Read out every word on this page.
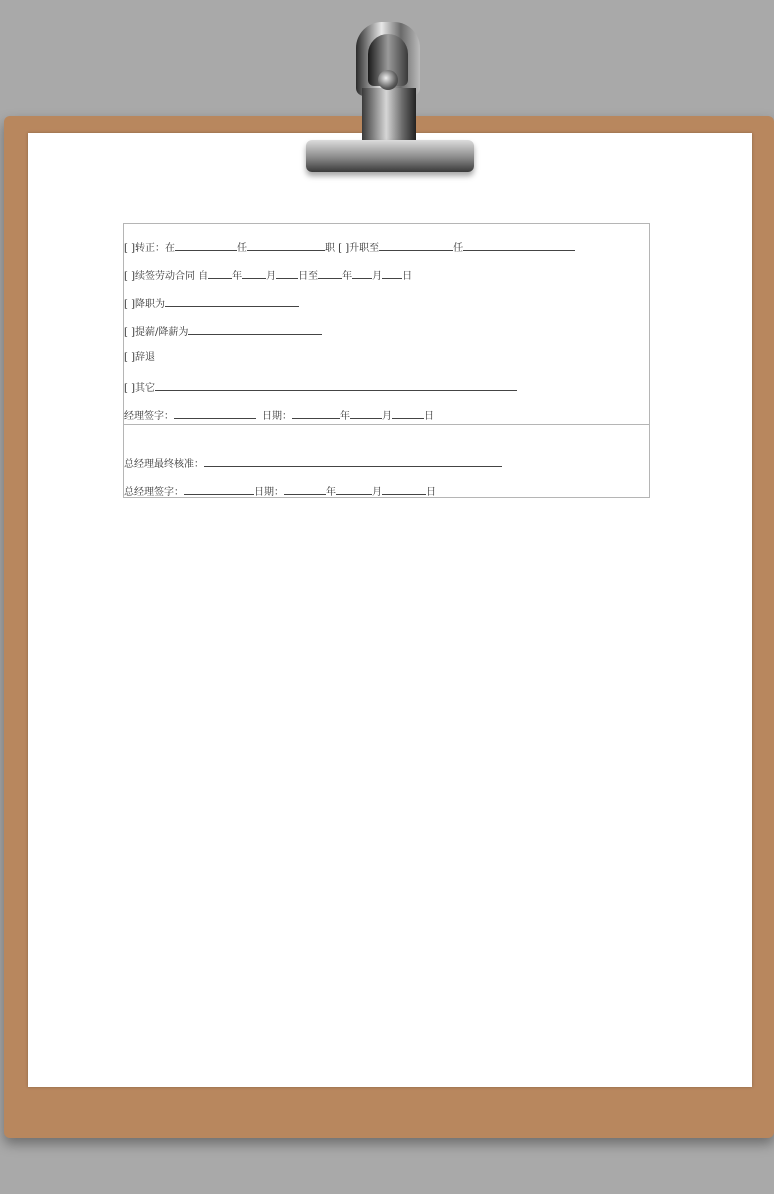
[ ]转正：在	任	职 [ ]升职至	任
[ ]续签劳动合同 自 年 月 日至 年 月 日
[ ]降职为
[ ]提薪/降薪为
[ ]辞退
[ ]其它
经理签字：	日期：	年	月	日
总经理最终核准：
总经理签字：	日期：	年	月	日
